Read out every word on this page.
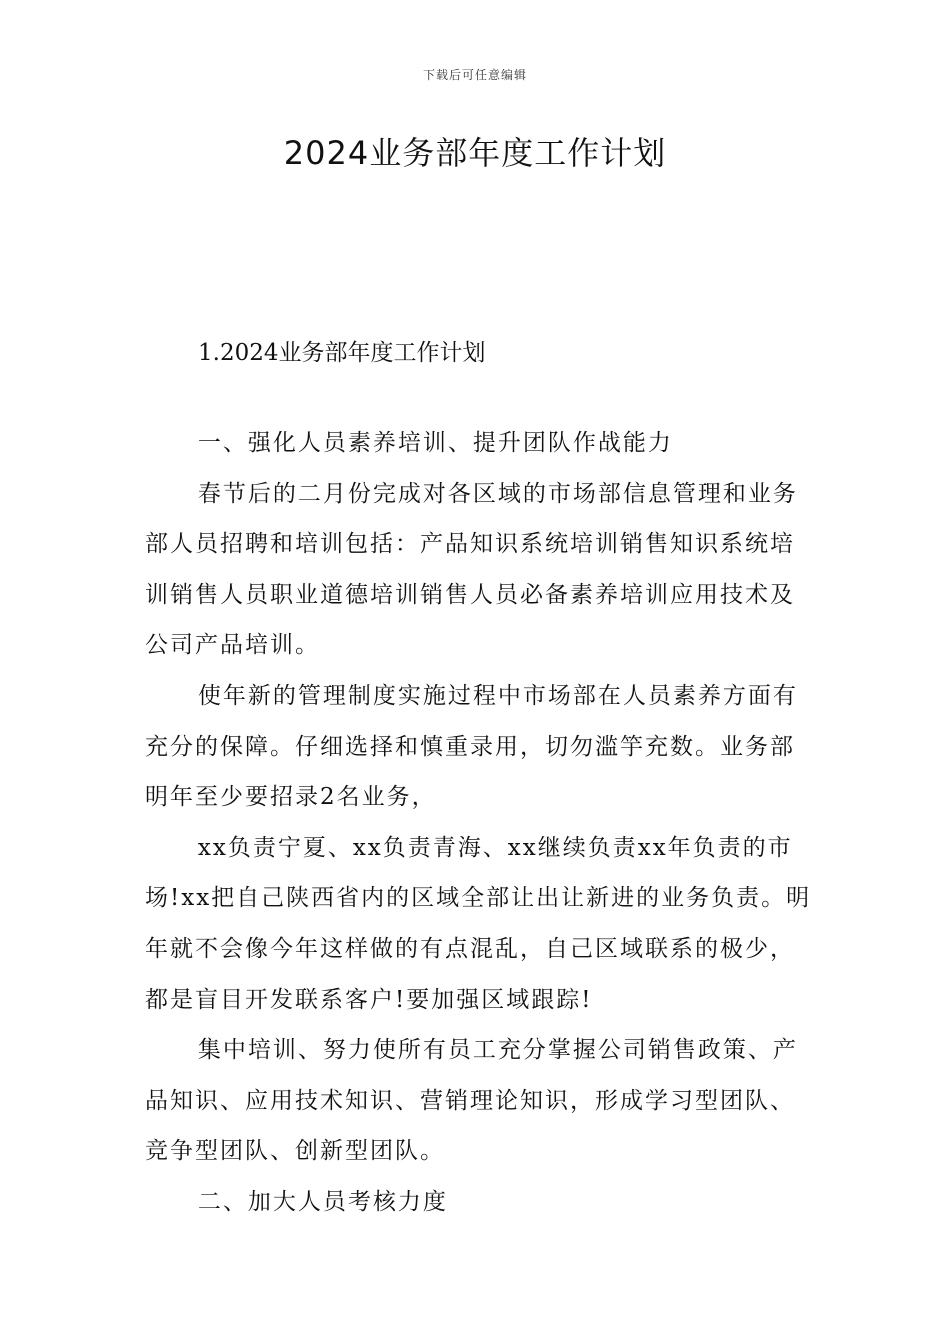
下载后可任意编辑
2024业务部年度工作计划
1.2024业务部年度工作计划

一、强化人员素养培训、提升团队作战能力

春节后的二月份完成对各区域的市场部信息管理和业务部人员招聘和培训包括：产品知识系统培训销售知识系统培训销售人员职业道德培训销售人员必备素养培训应用技术及公司产品培训。

使年新的管理制度实施过程中市场部在人员素养方面有充分的保障。仔细选择和慎重录用，切勿滥竽充数。业务部明年至少要招录2名业务，

xx负责宁夏、xx负责青海、xx继续负责xx年负责的市场!xx把自己陕西省内的区域全部让出让新进的业务负责。明年就不会像今年这样做的有点混乱，自己区域联系的极少，都是盲目开发联系客户!要加强区域跟踪!

集中培训、努力使所有员工充分掌握公司销售政策、产品知识、应用技术知识、营销理论知识，形成学习型团队、竞争型团队、创新型团队。

二、加大人员考核力度
